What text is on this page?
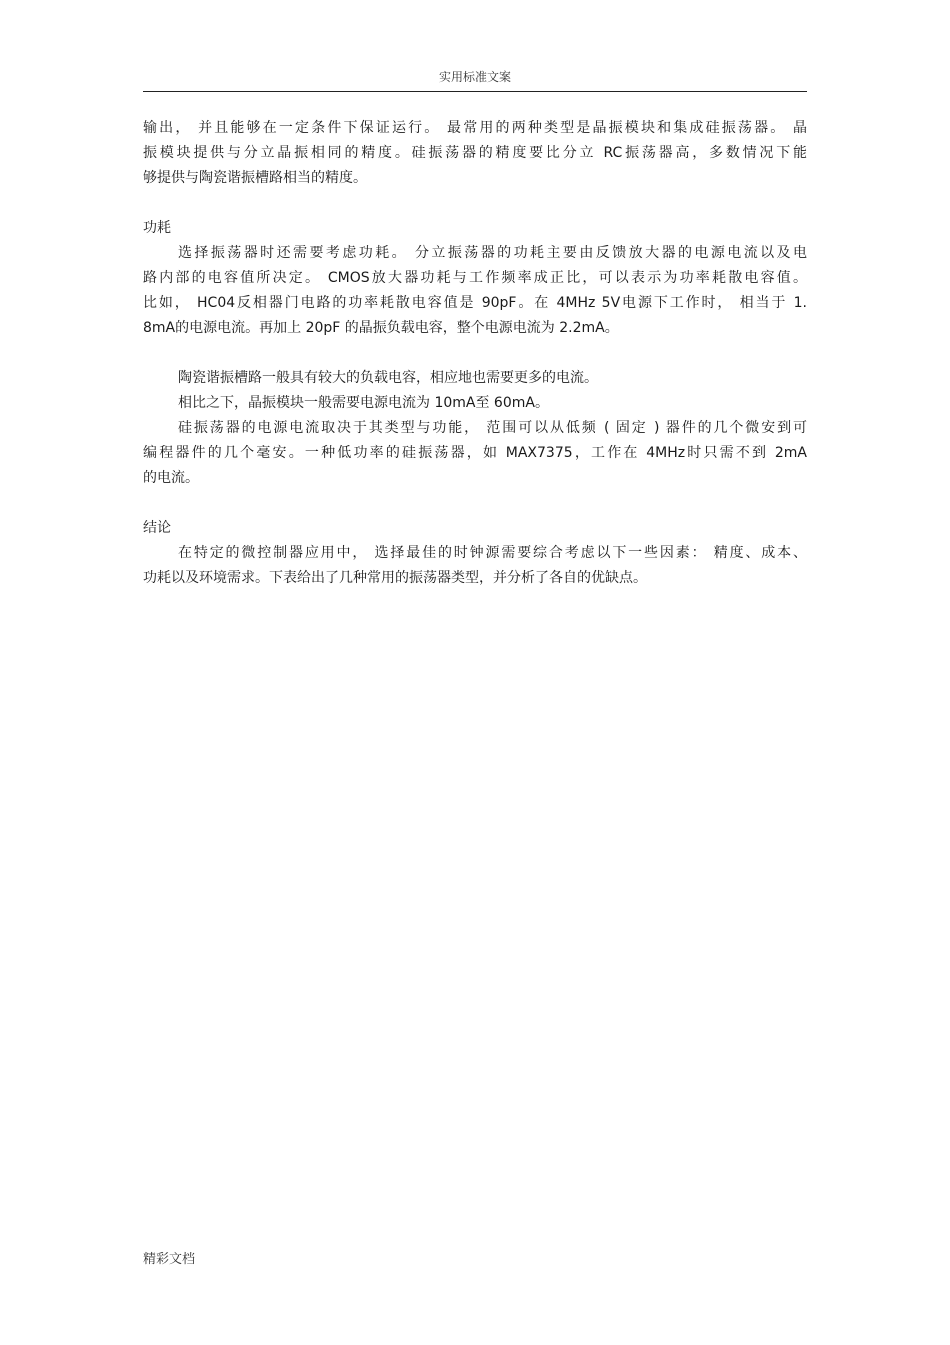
实用标准文案
输出， 并且能够在一定条件下保证运行。 最常用的两种类型是晶振模块和集成硅振荡器。 晶
振模块提供与分立晶振相同的精度。硅振荡器的精度要比分立 RC振荡器高，多数情况下能
够提供与陶瓷谐振槽路相当的精度。
功耗
选择振荡器时还需要考虑功耗。 分立振荡器的功耗主要由反馈放大器的电源电流以及电
路内部的电容值所决定。 CMOS放大器功耗与工作频率成正比，可以表示为功率耗散电容值。
比如， HC04反相器门电路的功率耗散电容值是 90pF。在 4MHz 5V电源下工作时， 相当于 1.
8mA的电源电流。再加上 20pF 的晶振负载电容，整个电源电流为 2.2mA。
陶瓷谐振槽路一般具有较大的负载电容，相应地也需要更多的电流。
相比之下，晶振模块一般需要电源电流为 10mA至 60mA。
硅振荡器的电源电流取决于其类型与功能， 范围可以从低频 ( 固定 ) 器件的几个微安到可
编程器件的几个毫安。一种低功率的硅振荡器，如 MAX7375，工作在 4MHz时只需不到 2mA
的电流。
结论
在特定的微控制器应用中， 选择最佳的时钟源需要综合考虑以下一些因素： 精度、成本、
功耗以及环境需求。下表给出了几种常用的振荡器类型，并分析了各自的优缺点。
精彩文档
